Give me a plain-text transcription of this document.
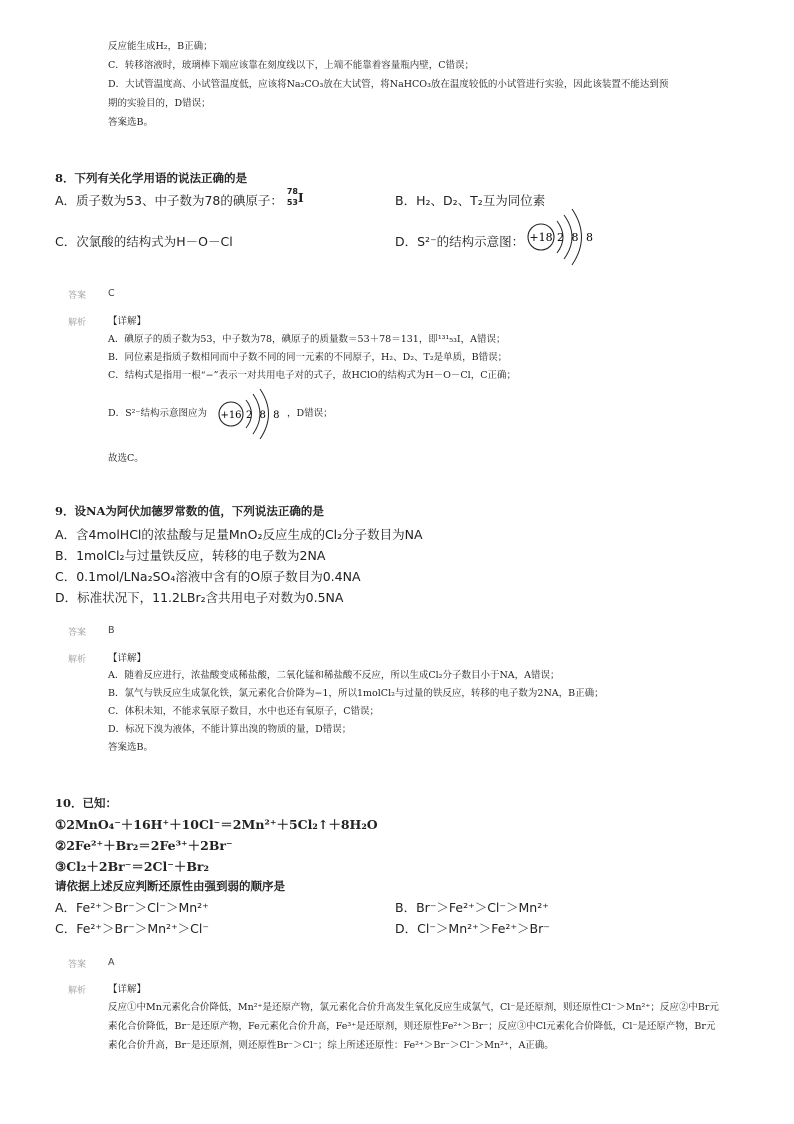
反应能生成H₂，B正确；
C．转移溶液时，玻璃棒下端应该靠在刻度线以下，上端不能靠着容量瓶内壁，C错误；
D．大试管温度高、小试管温度低，应该将Na₂CO₃放在大试管，将NaHCO₃放在温度较低的小试管进行实验，因此该装置不能达到预
期的实验目的，D错误；
答案选B。
8．下列有关化学用语的说法正确的是
A．质子数为53、中子数为78的碘原子：
78
53 I	B．H₂、D₂、T₂互为同位素
C．次氯酸的结构式为H－O－Cl	D．S²⁻的结构示意图： +18 2 8 8
答案 C
解析 【详解】
A．碘原子的质子数为53，中子数为78，碘原子的质量数＝53＋78＝131，即¹³¹₅₃I，A错误；
B．同位素是指质子数相同而中子数不同的同一元素的不同原子，H₂、D₂、T₂是单质，B错误；
C．结构式是指用一根“−”表示一对共用电子对的式子，故HClO的结构式为H－O－Cl，C正确；
D．S²⁻结构示意图应为 +16 2 8 8 ，D错误；
故选C。
9．设NA为阿伏加德罗常数的值，下列说法正确的是
A．含4molHCl的浓盐酸与足量MnO₂反应生成的Cl₂分子数目为NA
B．1molCl₂与过量铁反应，转移的电子数为2NA
C．0.1mol/LNa₂SO₄溶液中含有的O原子数目为0.4NA
D．标准状况下，11.2LBr₂含共用电子对数为0.5NA
答案 B
解析 【详解】
A．随着反应进行，浓盐酸变成稀盐酸，二氧化锰和稀盐酸不反应，所以生成Cl₂分子数目小于NA，A错误；
B．氯气与铁反应生成氯化铁，氯元素化合价降为−1，所以1molCl₂与过量的铁反应，转移的电子数为2NA，B正确；
C．体积未知，不能求氧原子数目，水中也还有氧原子，C错误；
D．标况下溴为液体，不能计算出溴的物质的量，D错误；
答案选B。
10．已知：
①2MnO₄⁻＋16H⁺＋10Cl⁻＝2Mn²⁺＋5Cl₂↑＋8H₂O
②2Fe²⁺＋Br₂＝2Fe³⁺＋2Br⁻
③Cl₂＋2Br⁻＝2Cl⁻＋Br₂
请依据上述反应判断还原性由强到弱的顺序是
A．Fe²⁺＞Br⁻＞Cl⁻＞Mn²⁺	B．Br⁻＞Fe²⁺＞Cl⁻＞Mn²⁺
C．Fe²⁺＞Br⁻＞Mn²⁺＞Cl⁻	D．Cl⁻＞Mn²⁺＞Fe²⁺＞Br⁻
答案 A
解析 【详解】
反应①中Mn元素化合价降低，Mn²⁺是还原产物，氯元素化合价升高发生氧化反应生成氯气，Cl⁻是还原剂，则还原性Cl⁻＞Mn²⁺；反应②中Br元素化合价降低，Br⁻是还原产物，Fe元素化合价升高，Fe³⁺是还原剂，则还原性Fe²⁺＞Br⁻；反应③中Cl元素化合价降低，Cl⁻是还原产物，Br元素化合价升高，Br⁻是还原剂，则还原性Br⁻＞Cl⁻；综上所述还原性：Fe²⁺＞Br⁻＞Cl⁻＞Mn²⁺，A正确。
